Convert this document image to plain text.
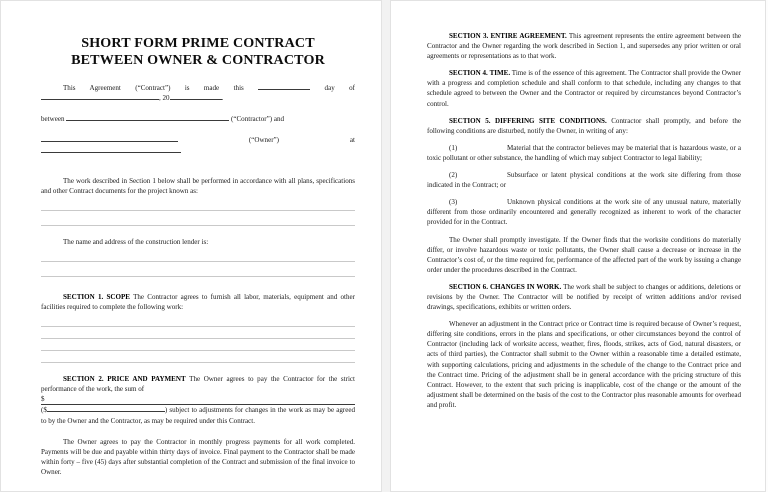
SHORT FORM PRIME CONTRACT
BETWEEN OWNER & CONTRACTOR

This Agreement (“Contract”) is made this	day of , 20	.

between	(“Contractor”) and

(“Owner”) at

The work described in Section 1 below shall be performed in accordance with all plans, specifications and other Contract documents for the project known as:

The name and address of the construction lender is:

SECTION 1. SCOPE The Contractor agrees to furnish all labor, materials, equipment and other facilities required to complete the following work:

SECTION 2. PRICE AND PAYMENT The Owner agrees to pay the Contractor for the strict performance of the work, the sum of

$

($	) subject to adjustments for changes in the work as may be agreed to by the Owner and the Contractor, as may be required under this Contract.

The Owner agrees to pay the Contractor in monthly progress payments for all work completed. Payments will be due and payable within thirty days of invoice. Final payment to the Contractor shall be made within forty – five (45) days after substantial completion of the Contract and submission of the final invoice to Owner.

SECTION 3. ENTIRE AGREEMENT. This agreement represents the entire agreement between the Contractor and the Owner regarding the work described in Section 1, and supersedes any prior written or oral agreements or representations as to that work.

SECTION 4. TIME. Time is of the essence of this agreement. The Contractor shall provide the Owner with a progress and completion schedule and shall conform to that schedule, including any changes to that schedule agreed to between the Owner and the Contractor or required by circumstances beyond Contractor’s control.

SECTION 5. DIFFERING SITE CONDITIONS. Contractor shall promptly, and before the following conditions are disturbed, notify the Owner, in writing of any:

(1)	Material that the contractor believes may be material that is hazardous waste, or a toxic pollutant or other substance, the handling of which may subject Contractor to legal liability;

(2)	Subsurface or latent physical conditions at the work site differing from those indicated in the Contract; or

(3)	Unknown physical conditions at the work site of any unusual nature, materially different from those ordinarily encountered and generally recognized as inherent to work of the character provided for in the Contract.

The Owner shall promptly investigate. If the Owner finds that the worksite conditions do materially differ, or involve hazardous waste or toxic pollutants, the Owner shall cause a decrease or increase in the Contractor’s cost of, or the time required for, performance of the affected part of the work by issuing a change order under the procedures described in the Contract.

SECTION 6. CHANGES IN WORK. The work shall be subject to changes or additions, deletions or revisions by the Owner. The Contractor will be notified by receipt of written additions and/or revised drawings, specifications, exhibits or written orders.

Whenever an adjustment in the Contract price or Contract time is required because of Owner’s request, differing site conditions, errors in the plans and specifications, or other circumstances beyond the control of Contractor (including lack of worksite access, weather, fires, floods, strikes, acts of God, natural disasters, or acts of third parties), the Contractor shall submit to the Owner within a reasonable time a detailed estimate, with supporting calculations, pricing and adjustments in the schedule of the change to the Contract price and the Contract time. Pricing of the adjustment shall be in general accordance with the pricing structure of this Contract. However, to the extent that such pricing is inapplicable, cost of the change or the amount of the adjustment shall be determined on the basis of the cost to the Contractor plus reasonable amounts for overhead and profit.
